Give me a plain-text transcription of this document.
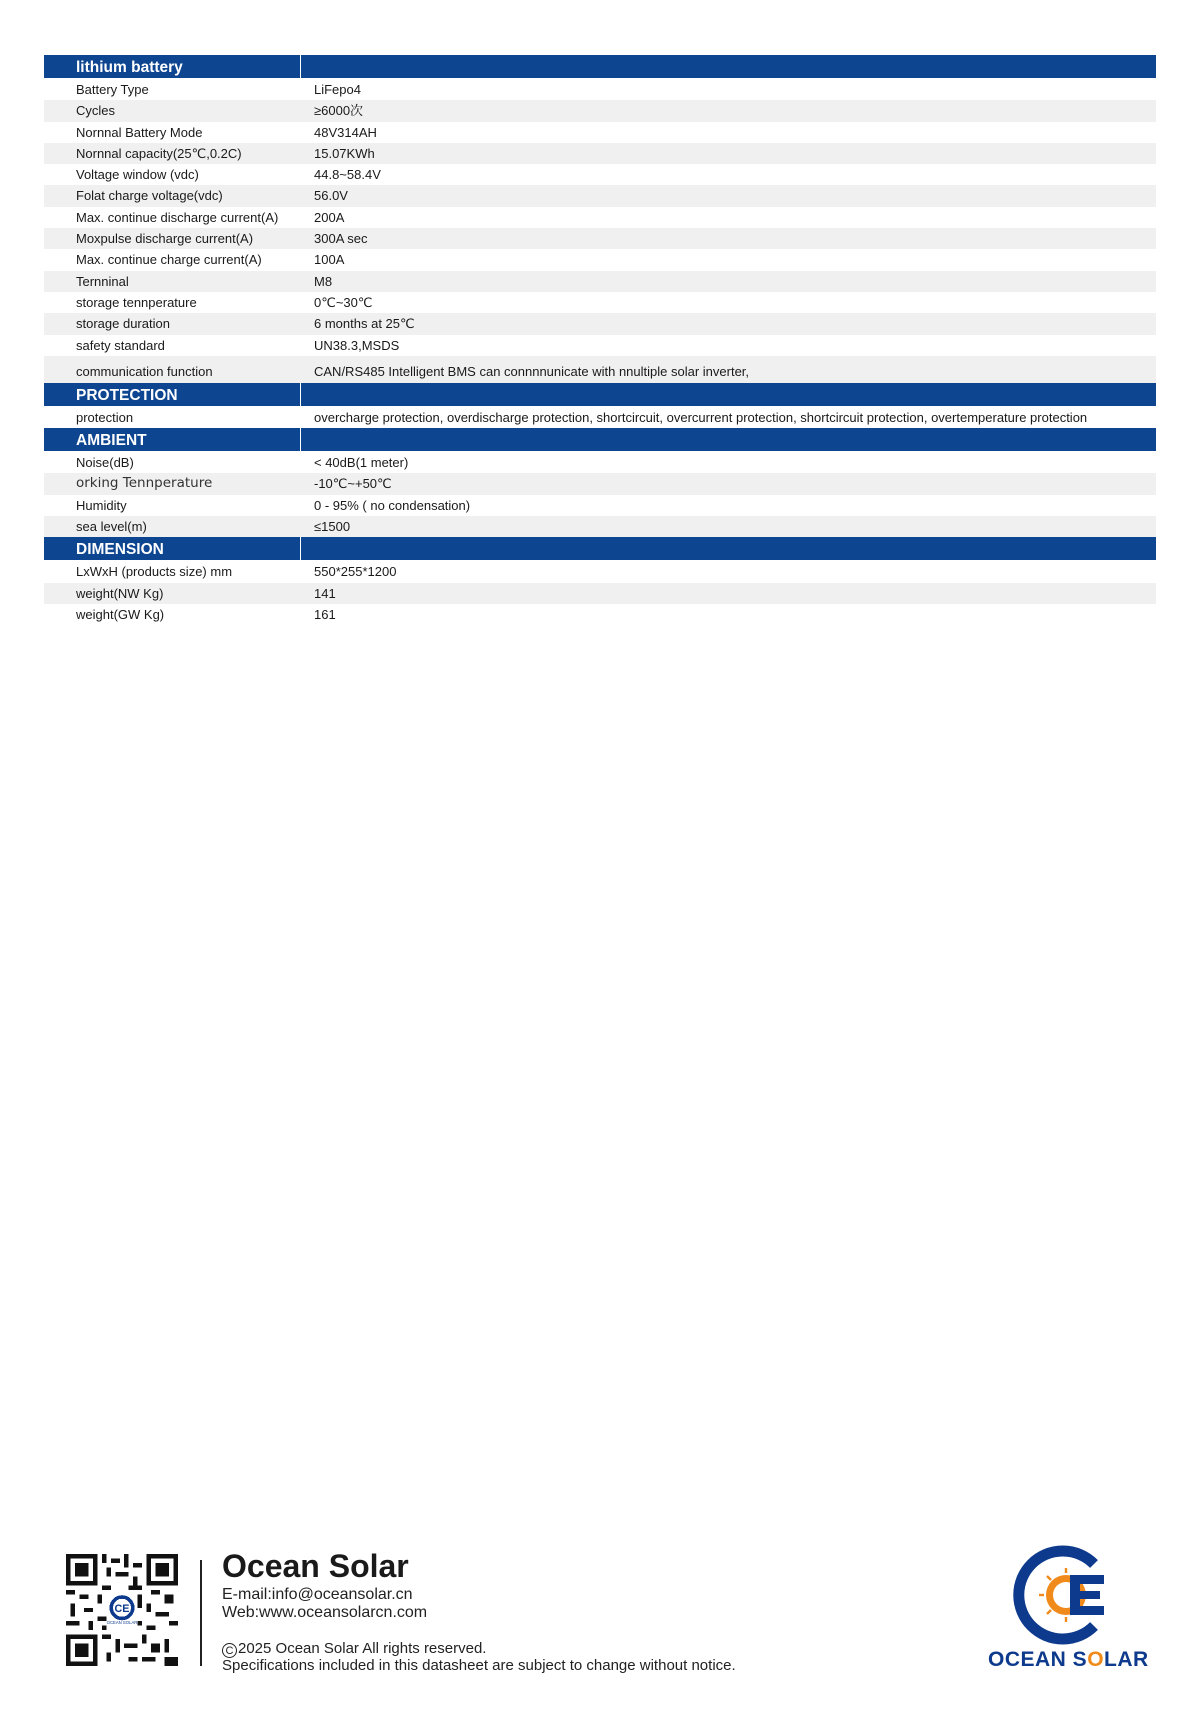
lithium battery
Battery Type	LiFepo4
Cycles	≥6000次
Nornnal Battery Mode	48V314AH
Nornnal capacity(25℃,0.2C)	15.07KWh
Voltage window (vdc)	44.8~58.4V
Folat charge voltage(vdc)	56.0V
Max. continue discharge current(A)	200A
Moxpulse discharge current(A)	300A sec
Max. continue charge current(A)	100A
Ternninal	M8
storage tennperature	0℃~30℃
storage duration	6 months at 25℃
safety standard	UN38.3,MSDS
communication function	CAN/RS485 Intelligent BMS can connnnunicate with nnultiple solar inverter,
PROTECTION
protection	overcharge protection, overdischarge protection, shortcircuit, overcurrent protection, shortcircuit protection, overtemperature protection
AMBIENT
Noise(dB)	< 40dB(1 meter)
orking Tennperature	-10℃~+50℃
Humidity	0 - 95% ( no condensation)
sea level(m)	≤1500
DIMENSION
LxWxH (products size) mm	550*255*1200
weight(NW Kg)	141
weight(GW Kg)	161
CE
Ocean Solar
E-mail:info@oceansolar.cn
Web:www.oceansolarcn.com
C 2025 Ocean Solar All rights reserved.
Specifications included in this datasheet are subject to change without notice.	OCEAN SOLAR
